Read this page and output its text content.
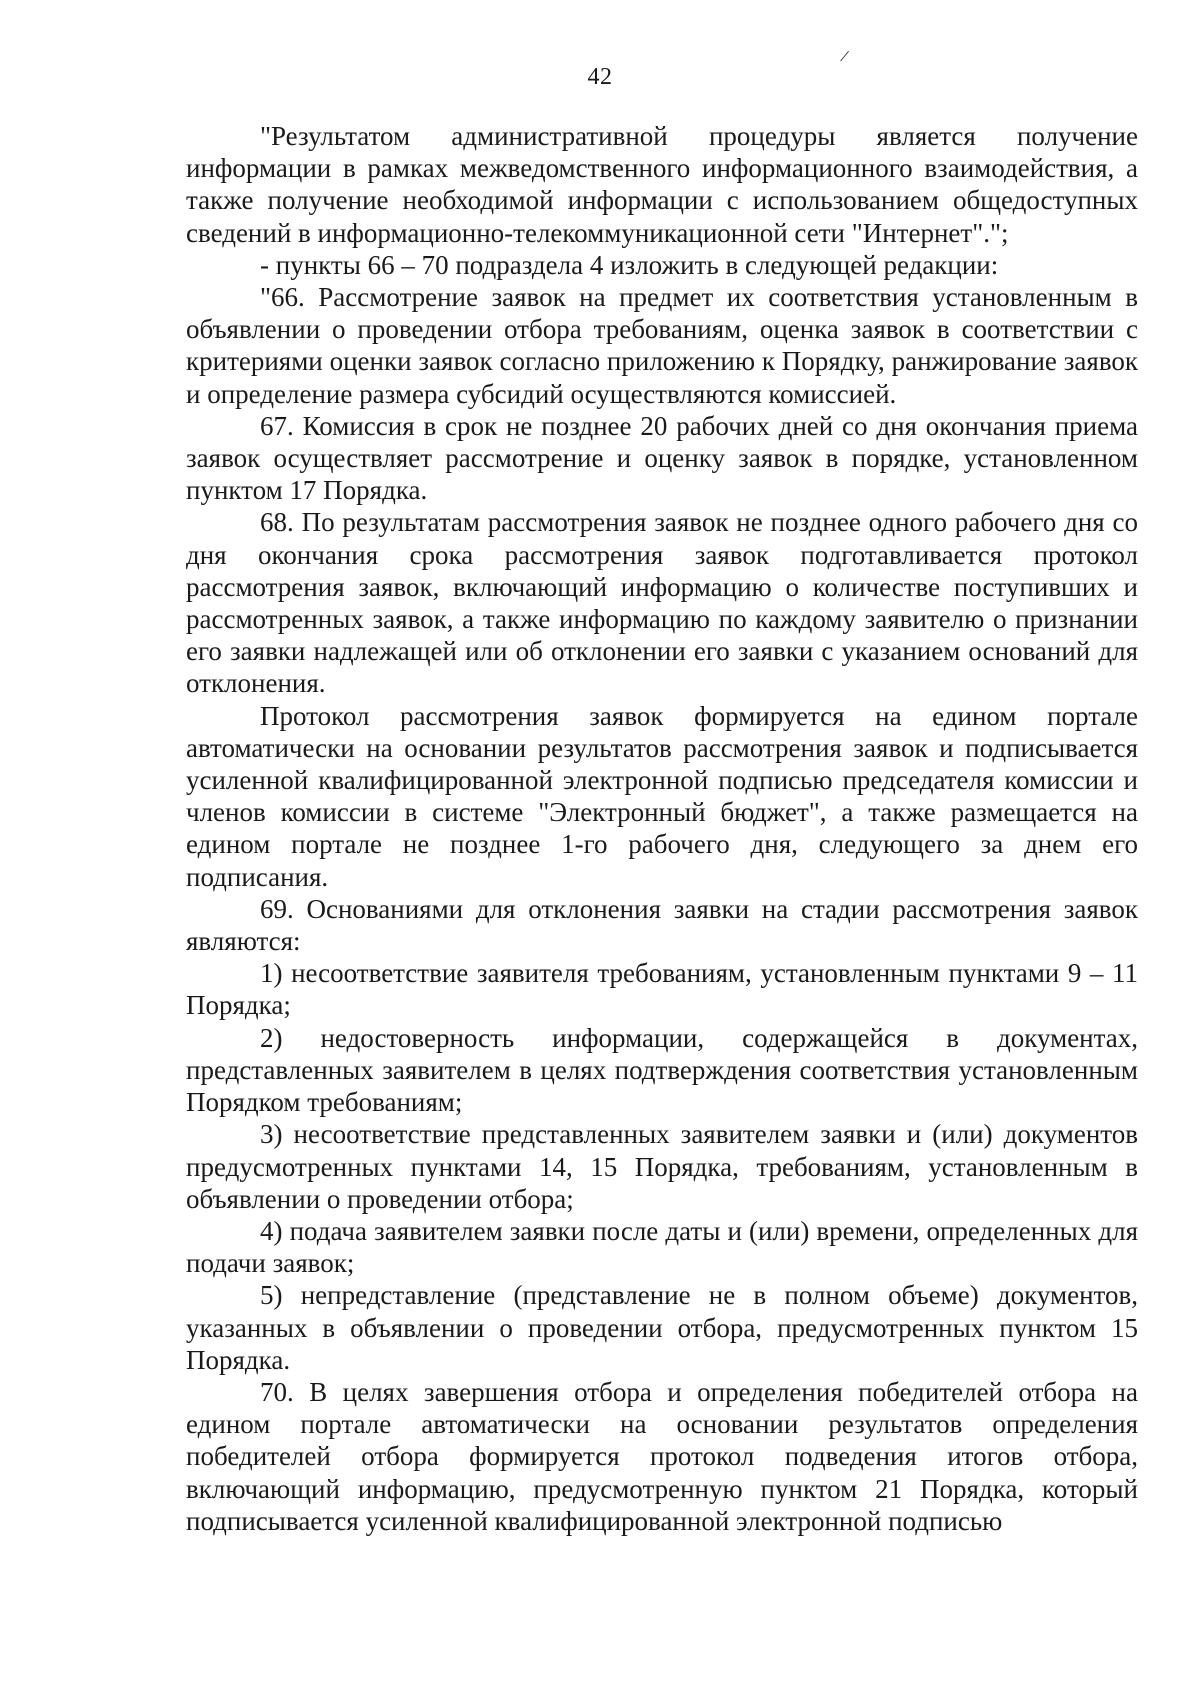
/
42

"Результатом административной процедуры является получение информации в рамках межведомственного информационного взаимодействия, а также получение необходимой информации с использованием общедоступных сведений в информационно-телекоммуникационной сети "Интернет".";

- пункты 66 – 70 подраздела 4 изложить в следующей редакции:

"66. Рассмотрение заявок на предмет их соответствия установленным в объявлении о проведении отбора требованиям, оценка заявок в соответствии с критериями оценки заявок согласно приложению к Порядку, ранжирование заявок и определение размера субсидий осуществляются комиссией.

67. Комиссия в срок не позднее 20 рабочих дней со дня окончания приема заявок осуществляет рассмотрение и оценку заявок в порядке, установленном пунктом 17 Порядка.

68. По результатам рассмотрения заявок не позднее одного рабочего дня со дня окончания срока рассмотрения заявок подготавливается протокол рассмотрения заявок, включающий информацию о количестве поступивших и рассмотренных заявок, а также информацию по каждому заявителю о признании его заявки надлежащей или об отклонении его заявки с указанием оснований для отклонения.

Протокол рассмотрения заявок формируется на едином портале автоматически на основании результатов рассмотрения заявок и подписывается усиленной квалифицированной электронной подписью председателя комиссии и членов комиссии в системе "Электронный бюджет", а также размещается на едином портале не позднее 1-го рабочего дня, следующего за днем его подписания.

69. Основаниями для отклонения заявки на стадии рассмотрения заявок являются:

1) несоответствие заявителя требованиям, установленным пунктами 9 – 11 Порядка;

2) недостоверность информации, содержащейся в документах, представленных заявителем в целях подтверждения соответствия установленным Порядком требованиям;

3) несоответствие представленных заявителем заявки и (или) документов предусмотренных пунктами 14, 15 Порядка, требованиям, установленным в объявлении о проведении отбора;

4) подача заявителем заявки после даты и (или) времени, определенных для подачи заявок;

5) непредставление (представление не в полном объеме) документов, указанных в объявлении о проведении отбора, предусмотренных пунктом 15 Порядка.

70. В целях завершения отбора и определения победителей отбора на едином портале автоматически на основании результатов определения победителей отбора формируется протокол подведения итогов отбора, включающий информацию, предусмотренную пунктом 21 Порядка, который подписывается усиленной квалифицированной электронной подписью
